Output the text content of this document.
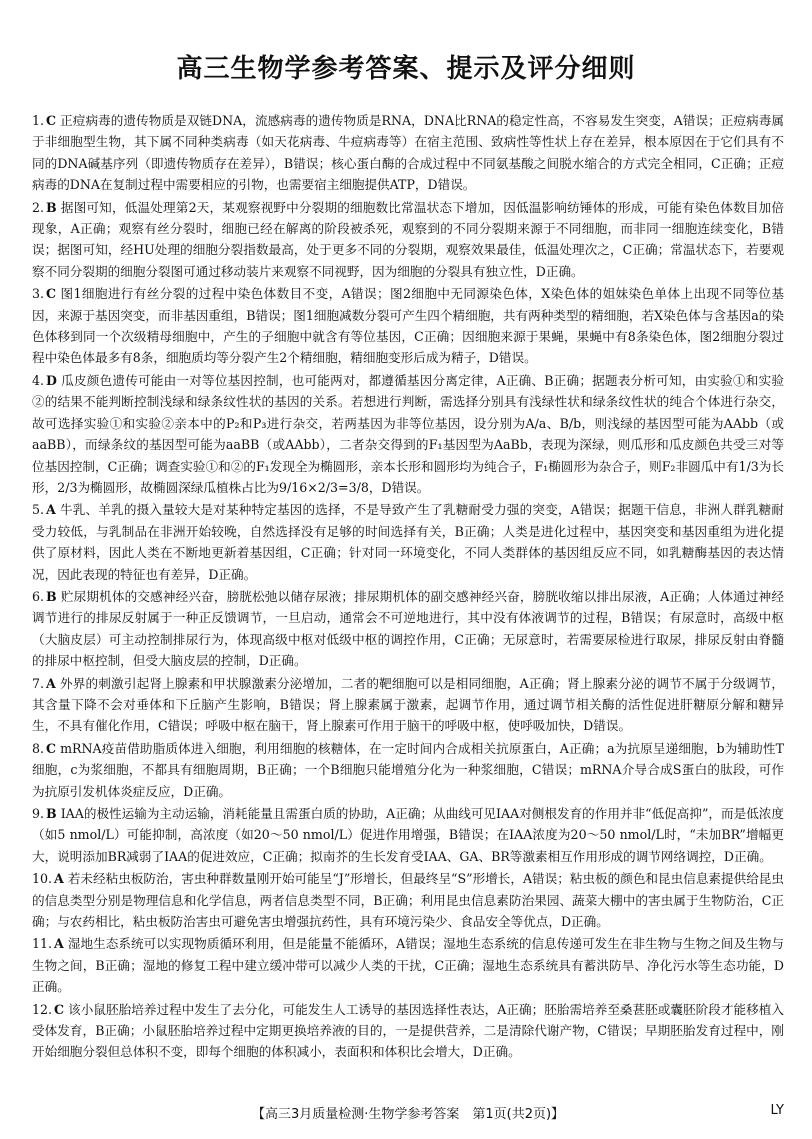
高三生物学参考答案、提示及评分细则
1. C 正痘病毒的遗传物质是双链DNA，流感病毒的遗传物质是RNA，DNA比RNA的稳定性高，不容易发生突变，A错误；正痘病毒属于非细胞型生物，其下属不同种类病毒（如天花病毒、牛痘病毒等）在宿主范围、致病性等性状上存在差异，根本原因在于它们具有不同的DNA碱基序列（即遗传物质存在差异），B错误；核心蛋白酶的合成过程中不同氨基酸之间脱水缩合的方式完全相同，C正确；正痘病毒的DNA在复制过程中需要相应的引物，也需要宿主细胞提供ATP，D错误。
2. B 据图可知，低温处理第2天，某观察视野中分裂期的细胞数比常温状态下增加，因低温影响纺锤体的形成，可能有染色体数目加倍现象，A正确；观察有丝分裂时，细胞已经在解离的阶段被杀死，观察到的不同分裂期来源于不同细胞，而非同一细胞连续变化，B错误；据图可知，经HU处理的细胞分裂指数最高，处于更多不同的分裂期，观察效果最佳，低温处理次之，C正确；常温状态下，若要观察不同分裂期的细胞分裂图可通过移动装片来观察不同视野，因为细胞的分裂具有独立性，D正确。
3. C 图1细胞进行有丝分裂的过程中染色体数目不变，A错误；图2细胞中无同源染色体，X染色体的姐妹染色单体上出现不同等位基因，来源于基因突变，而非基因重组，B错误；图1细胞减数分裂可产生四个精细胞，共有两种类型的精细胞，若X染色体与含基因a的染色体移到同一个次级精母细胞中，产生的子细胞中就含有等位基因，C正确；因细胞来源于果蝇，果蝇中有8条染色体，图2细胞分裂过程中染色体最多有8条，细胞质均等分裂产生2个精细胞，精细胞变形后成为精子，D错误。
4. D 瓜皮颜色遗传可能由一对等位基因控制，也可能两对，都遵循基因分离定律，A正确、B正确；据题表分析可知，由实验①和实验②的结果不能判断控制浅绿和绿条纹性状的基因的关系。若想进行判断，需选择分别具有浅绿性状和绿条纹性状的纯合个体进行杂交，故可选择实验①和实验②亲本中的P₂和P₃进行杂交，若两基因为非等位基因，设分别为A/a、B/b，则浅绿的基因型可能为AAbb（或aaBB），而绿条纹的基因型可能为aaBB（或AAbb），二者杂交得到的F₁基因型为AaBb，表现为深绿，则瓜形和瓜皮颜色共受三对等位基因控制，C正确；调查实验①和②的F₁发现全为椭圆形，亲本长形和圆形均为纯合子，F₁椭圆形为杂合子，则F₂非圆瓜中有1/3为长形，2/3为椭圆形，故椭圆深绿瓜植株占比为9/16×2/3=3/8，D错误。
5. A 牛乳、羊乳的摄入量较大是对某种特定基因的选择，不是导致产生了乳糖耐受力强的突变，A错误；据题干信息，非洲人群乳糖耐受力较低，与乳制品在非洲开始较晚，自然选择没有足够的时间选择有关，B正确；人类是进化过程中，基因突变和基因重组为进化提供了原材料，因此人类在不断地更新着基因组，C正确；针对同一环境变化，不同人类群体的基因组反应不同，如乳糖酶基因的表达情况，因此表现的特征也有差异，D正确。
6. B 贮尿期机体的交感神经兴奋，膀胱松弛以储存尿液；排尿期机体的副交感神经兴奋，膀胱收缩以排出尿液，A正确；人体通过神经调节进行的排尿反射属于一种正反馈调节，一旦启动，通常会不可逆地进行，其中没有体液调节的过程，B错误；有尿意时，高级中枢（大脑皮层）可主动控制排尿行为，体现高级中枢对低级中枢的调控作用，C正确；无尿意时，若需要尿检进行取尿，排尿反射由脊髓的排尿中枢控制，但受大脑皮层的控制，D正确。
7. A 外界的刺激引起肾上腺素和甲状腺激素分泌增加，二者的靶细胞可以是相同细胞，A正确；肾上腺素分泌的调节不属于分级调节，其含量下降不会对垂体和下丘脑产生影响，B错误；肾上腺素属于激素，起调节作用，通过调节相关酶的活性促进肝糖原分解和糖异生，不具有催化作用，C错误；呼吸中枢在脑干，肾上腺素可作用于脑干的呼吸中枢，使呼吸加快，D错误。
8. C mRNA疫苗借助脂质体进入细胞，利用细胞的核糖体，在一定时间内合成相关抗原蛋白，A正确；a为抗原呈递细胞，b为辅助性T细胞，c为浆细胞，不都具有细胞周期，B正确；一个B细胞只能增殖分化为一种浆细胞，C错误；mRNA介导合成S蛋白的肽段，可作为抗原引发机体炎症反应，D正确。
9. B IAA的极性运输为主动运输，消耗能量且需蛋白质的协助，A正确；从曲线可见IAA对侧根发育的作用并非“低促高抑”，而是低浓度（如5 nmol/L）可能抑制，高浓度（如20～50 nmol/L）促进作用增强，B错误；在IAA浓度为20～50 nmol/L时，“未加BR”增幅更大，说明添加BR减弱了IAA的促进效应，C正确；拟南芥的生长发育受IAA、GA、BR等激素相互作用形成的调节网络调控，D正确。
10. A 若未经粘虫板防治，害虫种群数量刚开始可能呈“J”形增长，但最终呈“S”形增长，A错误；粘虫板的颜色和昆虫信息素提供给昆虫的信息类型分别是物理信息和化学信息，两者信息类型不同，B正确；利用昆虫信息素防治果园、蔬菜大棚中的害虫属于生物防治，C正确；与农药相比，粘虫板防治害虫可避免害虫增强抗药性，具有环境污染少、食品安全等优点，D正确。
11. A 湿地生态系统可以实现物质循环利用，但是能量不能循环，A错误；湿地生态系统的信息传递可发生在非生物与生物之间及生物与生物之间，B正确；湿地的修复工程中建立缓冲带可以减少人类的干扰，C正确；湿地生态系统具有蓄洪防旱、净化污水等生态功能，D正确。
12. C 该小鼠胚胎培养过程中发生了去分化，可能发生人工诱导的基因选择性表达，A正确；胚胎需培养至桑葚胚或囊胚阶段才能移植入受体发育，B正确；小鼠胚胎培养过程中定期更换培养液的目的，一是提供营养，二是清除代谢产物，C错误；早期胚胎发育过程中，刚开始细胞分裂但总体积不变，即每个细胞的体积减小，表面积和体积比会增大，D正确。
【高三3月质量检测·生物学参考答案　第1页(共2页)】	LY
